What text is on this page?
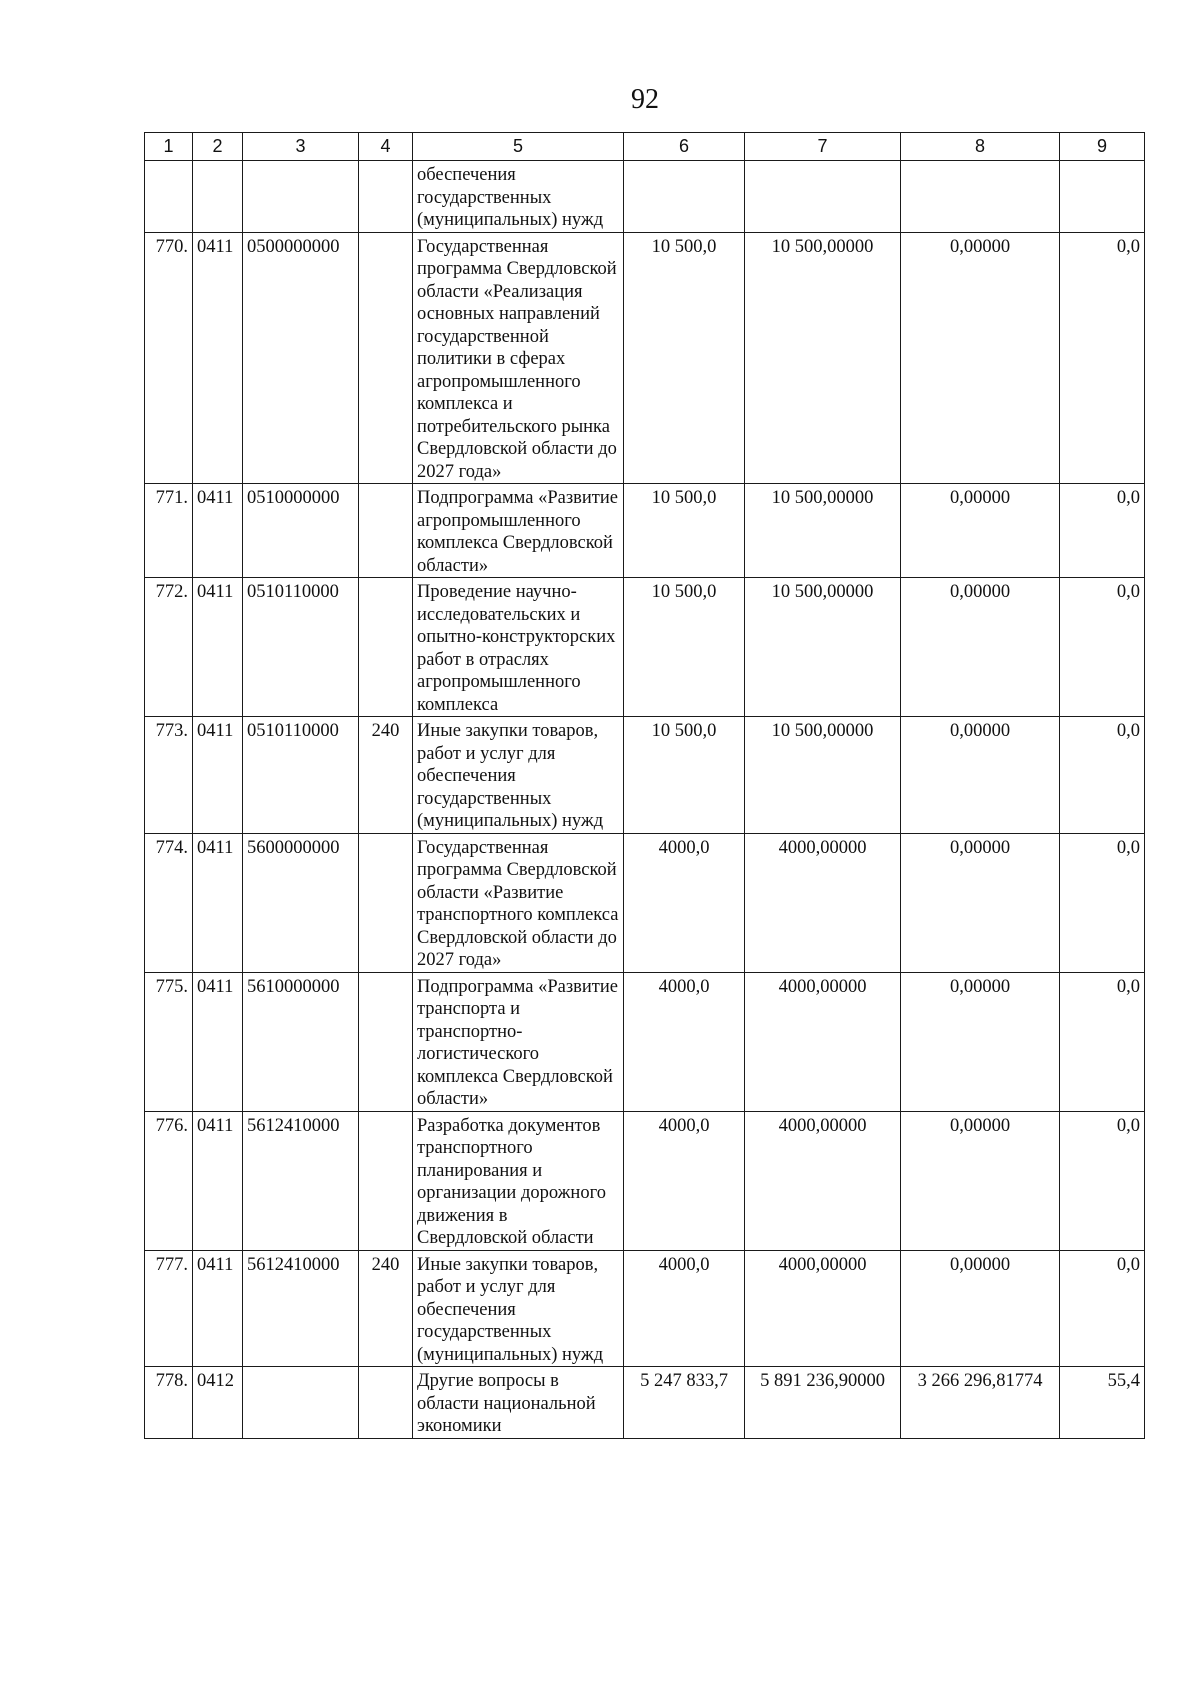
92
1	2	3	4	5	6	7	8	9
				обеспечения государственных (муниципальных) нужд				
770.	0411	0500000000		Государственная программа Свердловской области «Реализация основных направлений государственной политики в сферах агропромышленного комплекса и потребительского рынка Свердловской области до 2027 года»	10 500,0	10 500,00000	0,00000	0,0
771.	0411	0510000000		Подпрограмма «Развитие агропромышленного комплекса Свердловской области»	10 500,0	10 500,00000	0,00000	0,0
772.	0411	0510110000		Проведение научно-исследовательских и опытно-конструкторских работ в отраслях агропромышленного комплекса	10 500,0	10 500,00000	0,00000	0,0
773.	0411	0510110000	240	Иные закупки товаров, работ и услуг для обеспечения государственных (муниципальных) нужд	10 500,0	10 500,00000	0,00000	0,0
774.	0411	5600000000		Государственная программа Свердловской области «Развитие транспортного комплекса Свердловской области до 2027 года»	4000,0	4000,00000	0,00000	0,0
775.	0411	5610000000		Подпрограмма «Развитие транспорта и транспортно-логистического комплекса Свердловской области»	4000,0	4000,00000	0,00000	0,0
776.	0411	5612410000		Разработка документов транспортного планирования и организации дорожного движения в Свердловской области	4000,0	4000,00000	0,00000	0,0
777.	0411	5612410000	240	Иные закупки товаров, работ и услуг для обеспечения государственных (муниципальных) нужд	4000,0	4000,00000	0,00000	0,0
778.	0412			Другие вопросы в области национальной экономики	5 247 833,7	5 891 236,90000	3 266 296,81774	55,4
